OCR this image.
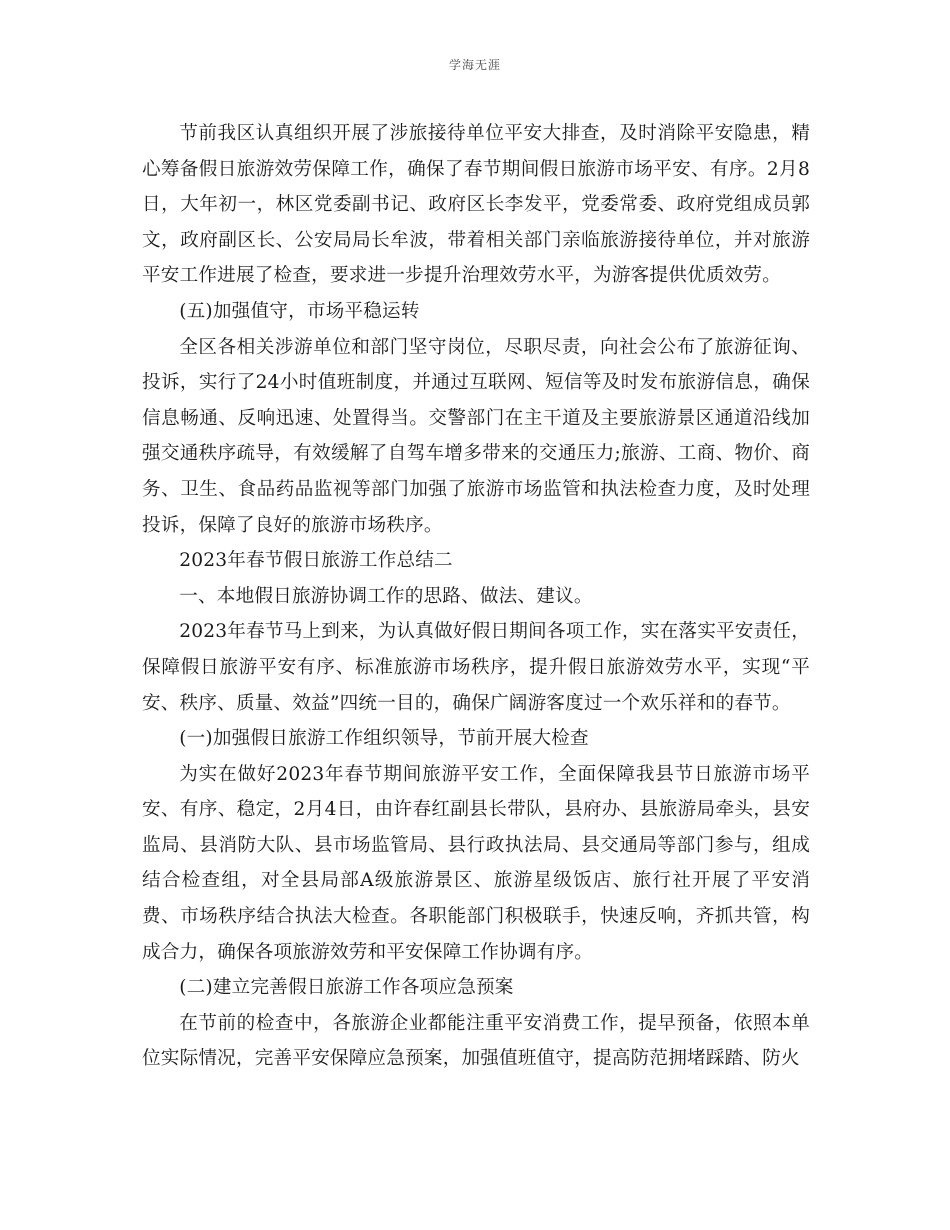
学海无涯

节前我区认真组织开展了涉旅接待单位平安大排查，及时消除平安隐患，精心筹备假日旅游效劳保障工作，确保了春节期间假日旅游市场平安、有序。2月8日，大年初一，林区党委副书记、政府区长李发平，党委常委、政府党组成员郭文，政府副区长、公安局局长牟波，带着相关部门亲临旅游接待单位，并对旅游平安工作进展了检查，要求进一步提升治理效劳水平，为游客提供优质效劳。

(五)加强值守，市场平稳运转

全区各相关涉游单位和部门坚守岗位，尽职尽责，向社会公布了旅游征询、投诉，实行了24小时值班制度，并通过互联网、短信等及时发布旅游信息，确保信息畅通、反响迅速、处置得当。交警部门在主干道及主要旅游景区通道沿线加强交通秩序疏导，有效缓解了自驾车增多带来的交通压力;旅游、工商、物价、商务、卫生、食品药品监视等部门加强了旅游市场监管和执法检查力度，及时处理投诉，保障了良好的旅游市场秩序。

2023年春节假日旅游工作总结二

一、本地假日旅游协调工作的思路、做法、建议。

2023年春节马上到来，为认真做好假日期间各项工作，实在落实平安责任，保障假日旅游平安有序、标准旅游市场秩序，提升假日旅游效劳水平，实现“平安、秩序、质量、效益”四统一目的，确保广阔游客度过一个欢乐祥和的春节。

(一)加强假日旅游工作组织领导，节前开展大检查

为实在做好2023年春节期间旅游平安工作，全面保障我县节日旅游市场平安、有序、稳定，2月4日，由许春红副县长带队，县府办、县旅游局牵头，县安监局、县消防大队、县市场监管局、县行政执法局、县交通局等部门参与，组成结合检查组，对全县局部A级旅游景区、旅游星级饭店、旅行社开展了平安消费、市场秩序结合执法大检查。各职能部门积极联手，快速反响，齐抓共管，构成合力，确保各项旅游效劳和平安保障工作协调有序。

(二)建立完善假日旅游工作各项应急预案

在节前的检查中，各旅游企业都能注重平安消费工作，提早预备，依照本单位实际情况，完善平安保障应急预案，加强值班值守，提高防范拥堵踩踏、防火
